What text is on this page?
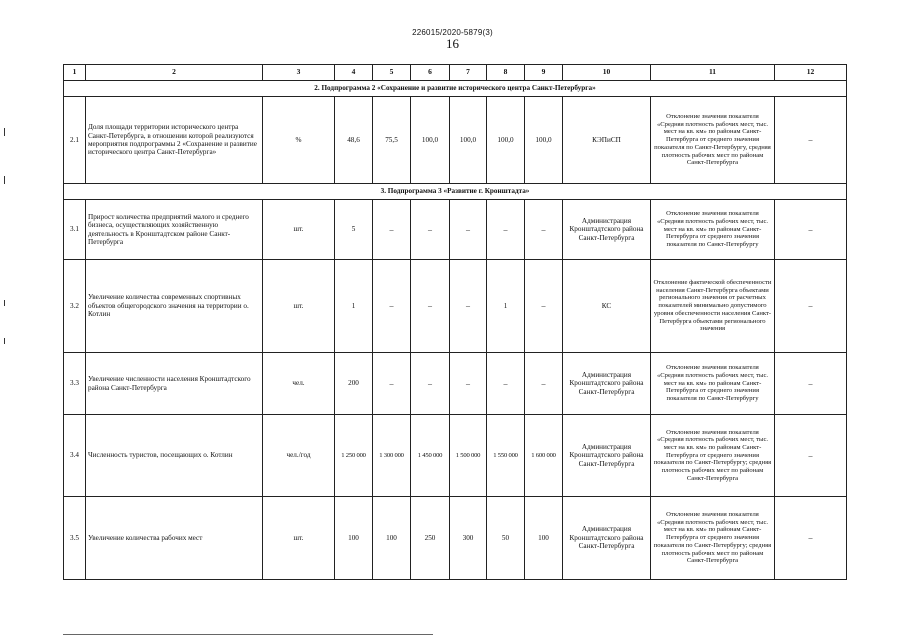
226015/2020-5879(3)
16
1	2	3	4	5	6	7	8	9	10	11	12
2. Подпрограмма 2 «Сохранение и развитие исторического центра Санкт-Петербурга»											
2.1	Доля площади территории исторического центра Санкт-Петербурга, в отношении которой реализуются мероприятия подпрограммы 2 «Сохранение и развитие исторического центра Санкт-Петербурга»	%	48,6	75,5	100,0	100,0	100,0	100,0	КЭПиСП	Отклонение значения показателя «Средняя плотность рабочих мест, тыс. мест на кв. км» по районам Санкт-Петербурга от среднего значения показателя по Санкт-Петербургу, средняя плотность рабочих мест по районам Санкт-Петербурга	–
3. Подпрограмма 3 «Развитие г. Кронштадта»											
3.1	Прирост количества предприятий малого и среднего бизнеса, осуществляющих хозяйственную деятельность в Кронштадтском районе Санкт-Петербурга	шт.	5	–	–	–	–	–	Администрация Кронштадтского района Санкт-Петербурга	Отклонение значения показателя «Средняя плотность рабочих мест, тыс. мест на кв. км» по районам Санкт-Петербурга от среднего значения показателя по Санкт-Петербургу	–
3.2	Увеличение количества современных спортивных объектов общегородского значения на территории о. Котлин	шт.	1	–	–	–	1	–	КС	Отклонение фактической обеспеченности населения Санкт-Петербурга объектами регионального значения от расчетных показателей минимально допустимого уровня обеспеченности населения Санкт-Петербурга объектами регионального значения	–
3.3	Увеличение численности населения Кронштадтского района Санкт-Петербурга	чел.	200	–	–	–	–	–	Администрация Кронштадтского района Санкт-Петербурга	Отклонение значения показателя «Средняя плотность рабочих мест, тыс. мест на кв. км» по районам Санкт-Петербурга от среднего значения показателя по Санкт-Петербургу	–
3.4	Численность туристов, посещающих о. Котлин	чел./год	1 250 000	1 300 000	1 450 000	1 500 000	1 550 000	1 600 000	Администрация Кронштадтского района Санкт-Петербурга	Отклонение значения показателя «Средняя плотность рабочих мест, тыс. мест на кв. км» по районам Санкт-Петербурга от среднего значения показателя по Санкт-Петербургу; средняя плотность рабочих мест по районам Санкт-Петербурга	–
3.5	Увеличение количества рабочих мест	шт.	100	100	250	300	50	100	Администрация Кронштадтского района Санкт-Петербурга	Отклонение значения показателя «Средняя плотность рабочих мест, тыс. мест на кв. км» по районам Санкт-Петербурга от среднего значения показателя по Санкт-Петербургу; средняя плотность рабочих мест по районам Санкт-Петербурга	–
